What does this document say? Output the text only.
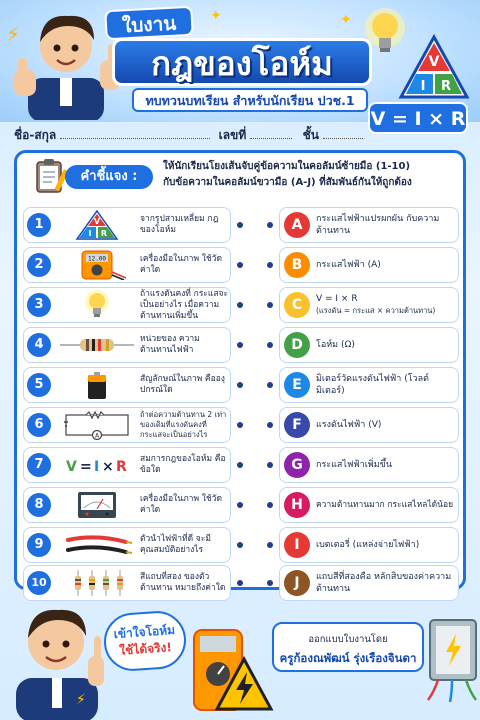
✦	✦
⚡	ใบงาน
กฎของโอห์ม
ทบทวนบทเรียน สำหรับนักเรียน ปวช.1
V
I R
V = I × R
ชื่อ-สกุล	เลขที่	ชั้น
คำชี้แจง :
ให้นักเรียนโยงเส้นจับคู่ข้อความในคอลัมน์ซ้ายมือ (1-10)
กับข้อความในคอลัมน์ขวามือ (A-J) ที่สัมพันธ์กันให้ถูกต้อง
1	V
I R
จากรูปสามเหลี่ยม กฎของโอห์ม
2	12.00	เครื่องมือในภาพ ใช้วัดค่าใด
3
ถ้าแรงดันคงที่ กระแสจะเป็นอย่างไร เมื่อความต้านทานเพิ่มขึ้น
4	หน่วยของ ความต้านทานไฟฟ้า
5	สัญลักษณ์ในภาพ คือองุปกรณ์ใด
6
A
ถ้าต่อความต้านทาน 2 เท่าของเดิมที่แรงดันคงที่ กระแสจะเป็นอย่างไร
7	V = I × R สมการกฎของโอห์ม คือข้อใด
8	เครื่องมือในภาพ ใช้วัดค่าใด
9	ตัวนำไฟฟ้าที่ดี จะมีคุณสมบัติอย่างไร
10	สีแถบที่สอง ของตัวต้านทาน หมายถึงค่าใด
A	กระแสไฟฟ้าแปรผกผัน กับความต้านทาน
B	กระแสไฟฟ้า (A)
C	V = I × R
(แรงดัน = กระแส × ความต้านทาน)
D	โอห์ม (Ω)
E	มิเตอร์วัดแรงดันไฟฟ้า (โวลต์มิเตอร์)
F	แรงดันไฟฟ้า (V)
G	กระแสไฟฟ้าเพิ่มขึ้น
H	ความต้านทานมาก กระแสไหลได้น้อย
I	เบตเตอรี่ (แหล่งจ่ายไฟฟ้า)
J	แถบสีที่สองคือ หลักสิบของค่าความต้านทาน
⚡
เข้าใจโอห์ม
ใช้ได้จริง!
ออกแบบใบงานโดย
ครูก้องณพัฒน์ รุ่งเรืองจินดา
